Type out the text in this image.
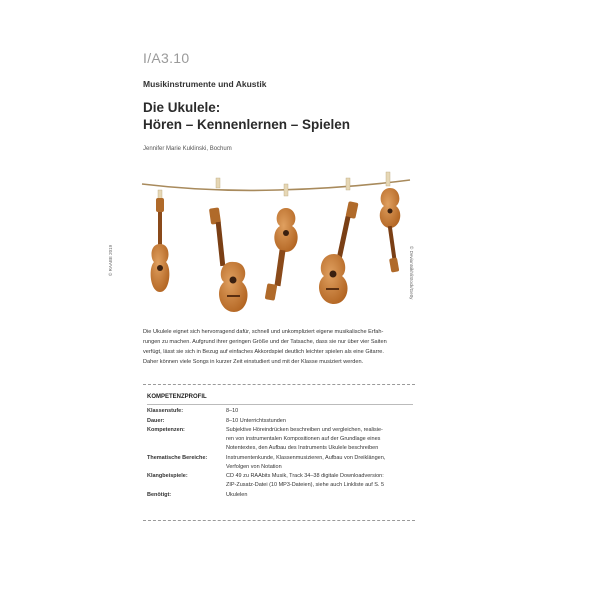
I/A3.10
Musikinstrumente und Akustik
Die Ukulele:
Hören – Kennenlernen – Spielen
Jennifer Marie Kuklinski, Bochum
© RAABE 2019	© Deviantsikh/iStock/Getty

Die Ukulele eignet sich hervorragend dafür, schnell und unkompliziert eigene musikalische Erfah-

rungen zu machen. Aufgrund ihrer geringen Größe und der Tatsache, dass sie nur über vier Saiten

verfügt, lässt sie sich in Bezug auf einfaches Akkordspiel deutlich leichter spielen als eine Gitarre.

Daher können viele Songs in kurzer Zeit einstudiert und mit der Klasse musiziert werden.

KOMPETENZPROFIL
Klassenstufe:	8–10
Dauer:	8–10 Unterrichtsstunden
Kompetenzen:	Subjektive Höreindrücken beschreiben und vergleichen, realisie-
ren von instrumentalen Kompositionen auf der Grundlage eines
Notentextes, den Aufbau des Instruments Ukulele beschreiben
Thematische Bereiche:	Instrumentenkunde, Klassenmusizieren, Aufbau von Dreiklängen,
Verfolgen von Notation
Klangbeispiele:	CD 49 zu RAAbits Musik, Track 34–38 digitale Downloadversion:
ZIP-Zusatz-Datei (10 MP3-Dateien), siehe auch Linkliste auf S. 5
Benötigt:	Ukulelen
